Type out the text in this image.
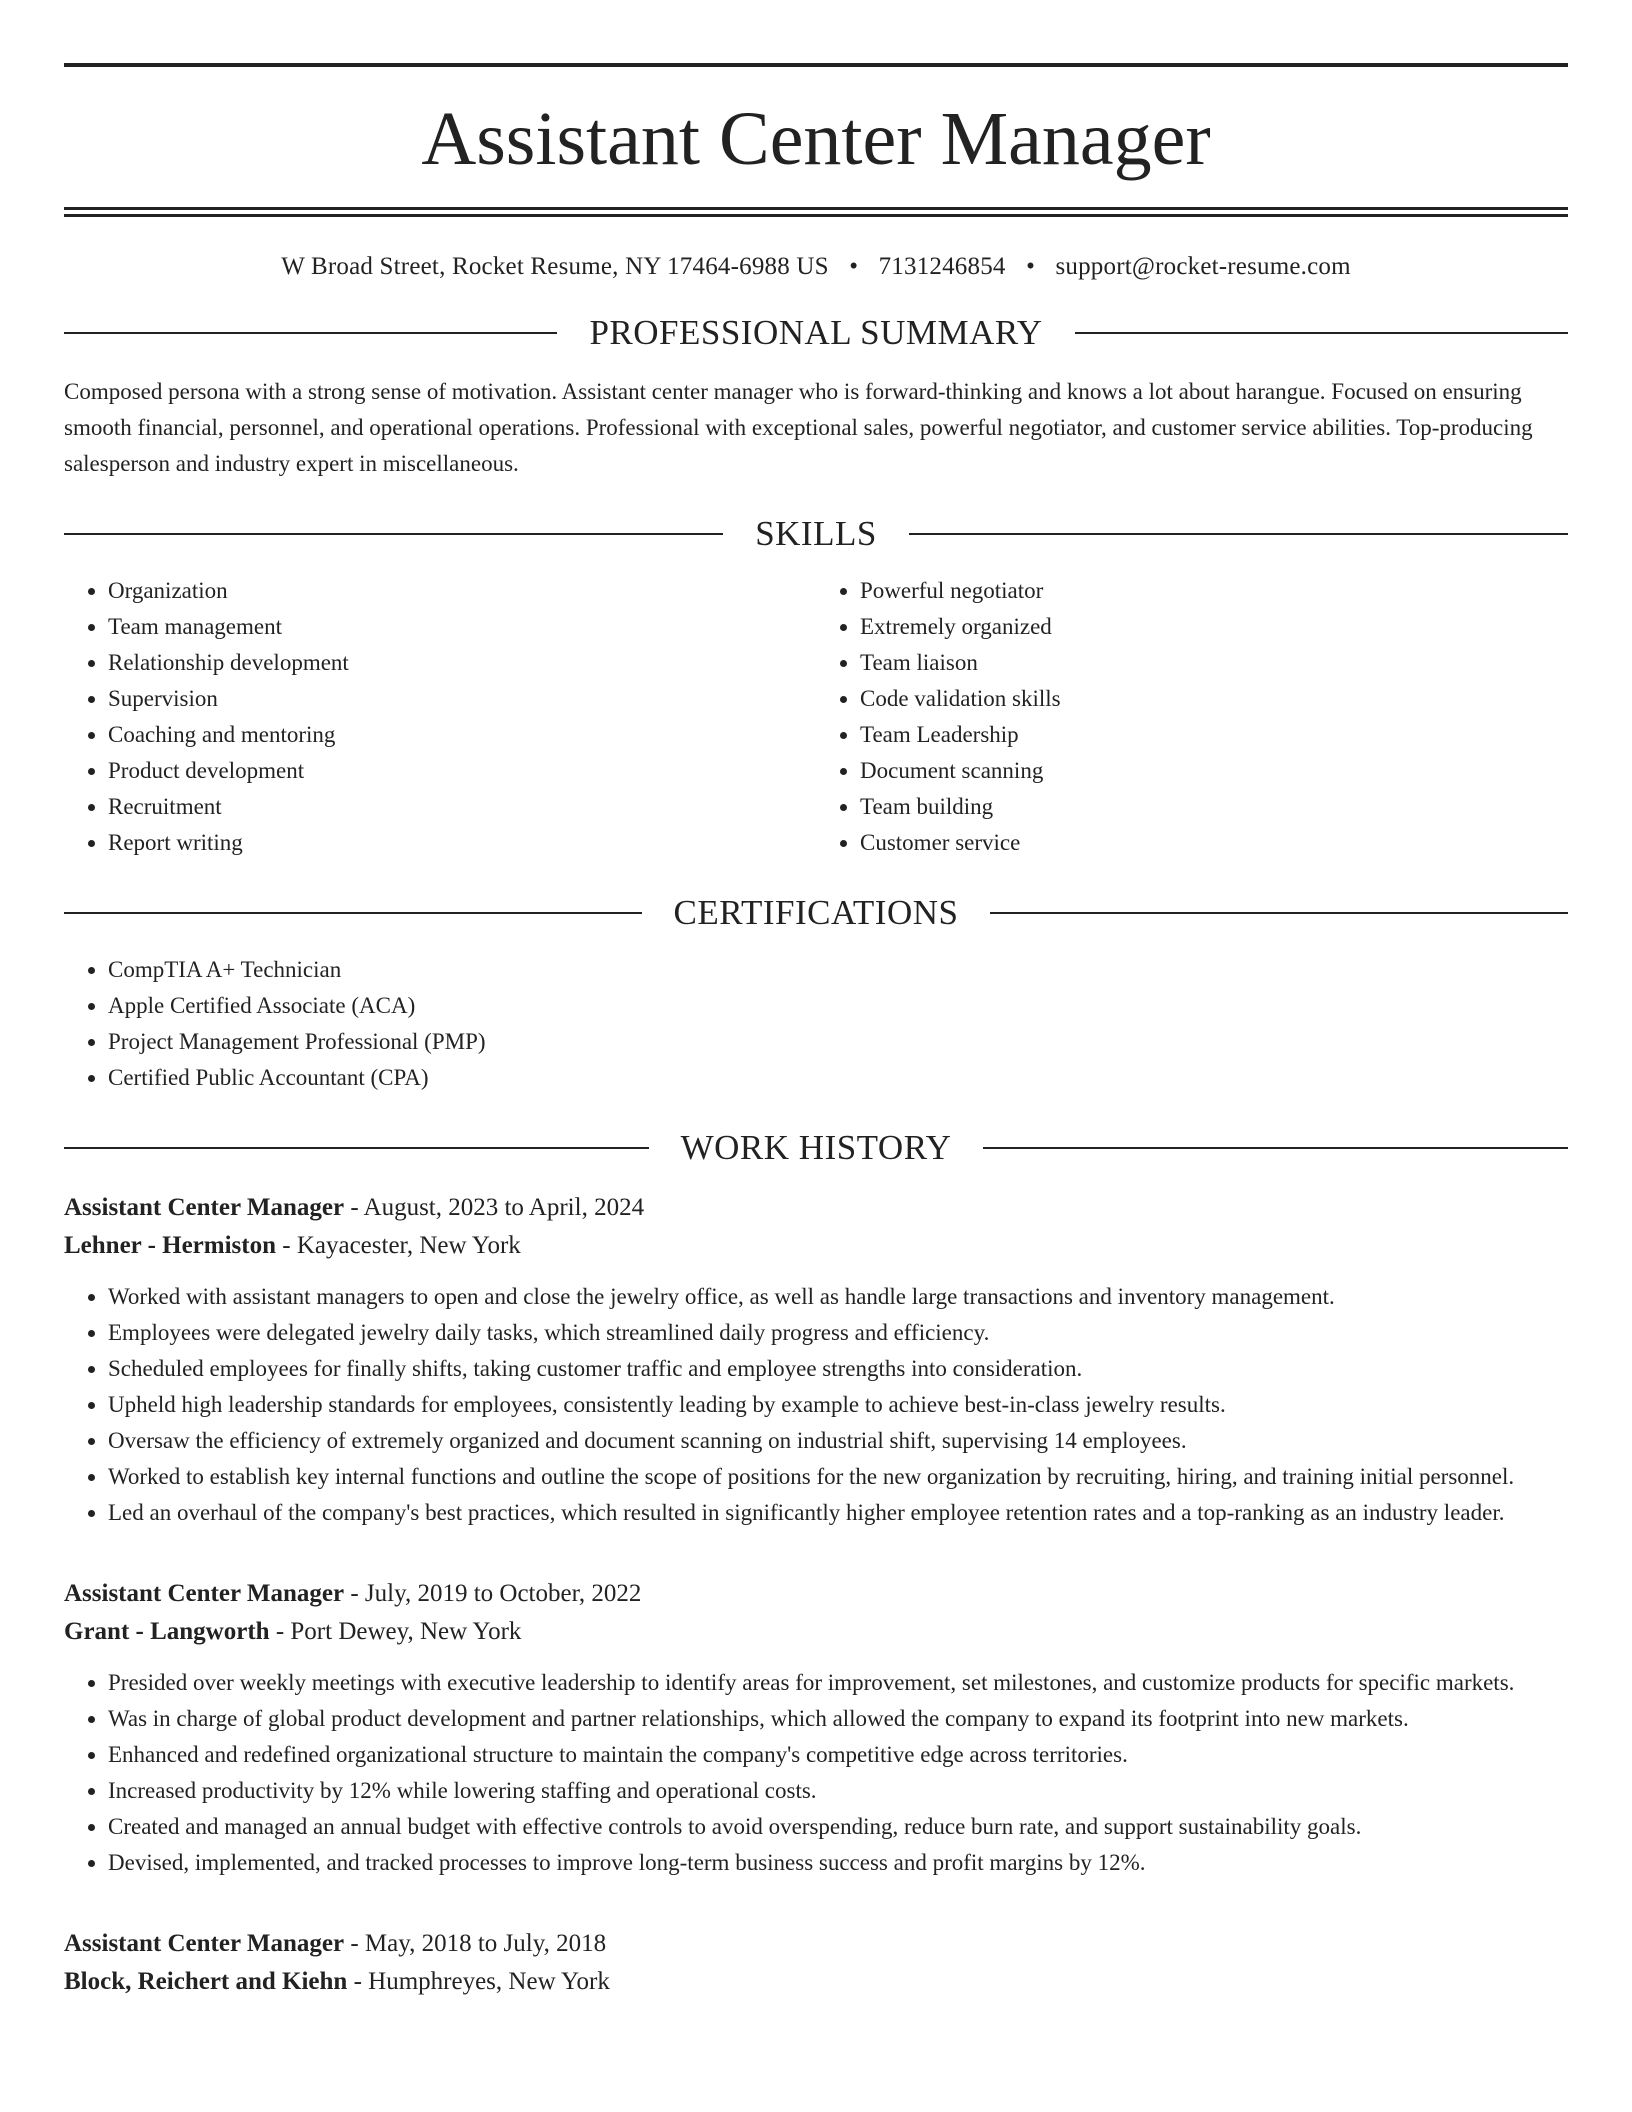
Assistant Center Manager
W Broad Street, Rocket Resume, NY 17464-6988 US • 7131246854 • support@rocket-resume.com
PROFESSIONAL SUMMARY
Composed persona with a strong sense of motivation. Assistant center manager who is forward-thinking and knows a lot about harangue. Focused on ensuring smooth financial, personnel, and operational operations. Professional with exceptional sales, powerful negotiator, and customer service abilities. Top-producing salesperson and industry expert in miscellaneous.
SKILLS
• Organization
• Team management
• Relationship development
• Supervision
• Coaching and mentoring
• Product development
• Recruitment
• Report writing
• Powerful negotiator
• Extremely organized
• Team liaison
• Code validation skills
• Team Leadership
• Document scanning
• Team building
• Customer service
CERTIFICATIONS
• CompTIA A+ Technician
• Apple Certified Associate (ACA)
• Project Management Professional (PMP)
• Certified Public Accountant (CPA)
WORK HISTORY
Assistant Center Manager - August, 2023 to April, 2024
Lehner - Hermiston - Kayacester, New York
• Worked with assistant managers to open and close the jewelry office, as well as handle large transactions and inventory management.
• Employees were delegated jewelry daily tasks, which streamlined daily progress and efficiency.
• Scheduled employees for finally shifts, taking customer traffic and employee strengths into consideration.
• Upheld high leadership standards for employees, consistently leading by example to achieve best-in-class jewelry results.
• Oversaw the efficiency of extremely organized and document scanning on industrial shift, supervising 14 employees.
• Worked to establish key internal functions and outline the scope of positions for the new organization by recruiting, hiring, and training initial personnel.
• Led an overhaul of the company's best practices, which resulted in significantly higher employee retention rates and a top-ranking as an industry leader.
Assistant Center Manager - July, 2019 to October, 2022
Grant - Langworth - Port Dewey, New York
• Presided over weekly meetings with executive leadership to identify areas for improvement, set milestones, and customize products for specific markets.
• Was in charge of global product development and partner relationships, which allowed the company to expand its footprint into new markets.
• Enhanced and redefined organizational structure to maintain the company's competitive edge across territories.
• Increased productivity by 12% while lowering staffing and operational costs.
• Created and managed an annual budget with effective controls to avoid overspending, reduce burn rate, and support sustainability goals.
• Devised, implemented, and tracked processes to improve long-term business success and profit margins by 12%.
Assistant Center Manager - May, 2018 to July, 2018
Block, Reichert and Kiehn - Humphreyes, New York
